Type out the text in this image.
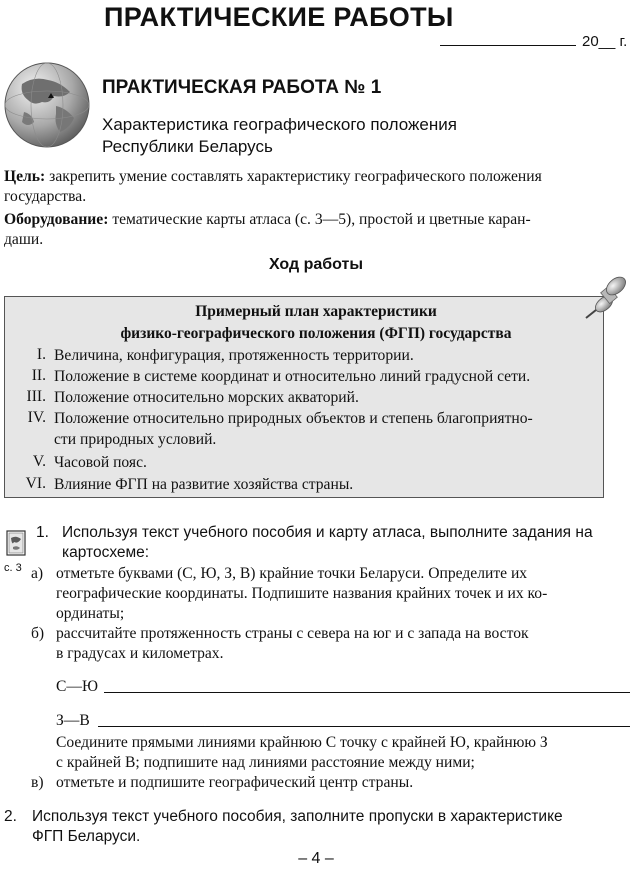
ПРАКТИЧЕСКИЕ РАБОТЫ
20__ г.
ПРАКТИЧЕСКАЯ РАБОТА № 1
Характеристика географического положения
Республики Беларусь
Цель: закрепить умение составлять характеристику географического положения
государства.
Оборудование: тематические карты атласа (с. 3—5), простой и цветные каран-
даши.
Ход работы
Примерный план характеристики
физико-географического положения (ФГП) государства
I. Величина, конфигурация, протяженность территории.
II. Положение в системе координат и относительно линий градусной сети.
III. Положение относительно морских акваторий.
IV. Положение относительно природных объектов и степень благоприятно-
сти природных условий.
V. Часовой пояс.
VI. Влияние ФГП на развитие хозяйства страны.
с. 3
1. Используя текст учебного пособия и карту атласа, выполните задания на
картосхеме:
а) отметьте буквами (С, Ю, З, В) крайние точки Беларуси. Определите их
географические координаты. Подпишите названия крайних точек и их ко-
ординаты;
б) рассчитайте протяженность страны с севера на юг и с запада на восток
в градусах и километрах.
С—Ю
З—В
Соедините прямыми линиями крайнюю С точку с крайней Ю, крайнюю З
с крайней В; подпишите над линиями расстояние между ними;
в) отметьте и подпишите географический центр страны.
2. Используя текст учебного пособия, заполните пропуски в характеристике
ФГП Беларуси.
– 4 –
